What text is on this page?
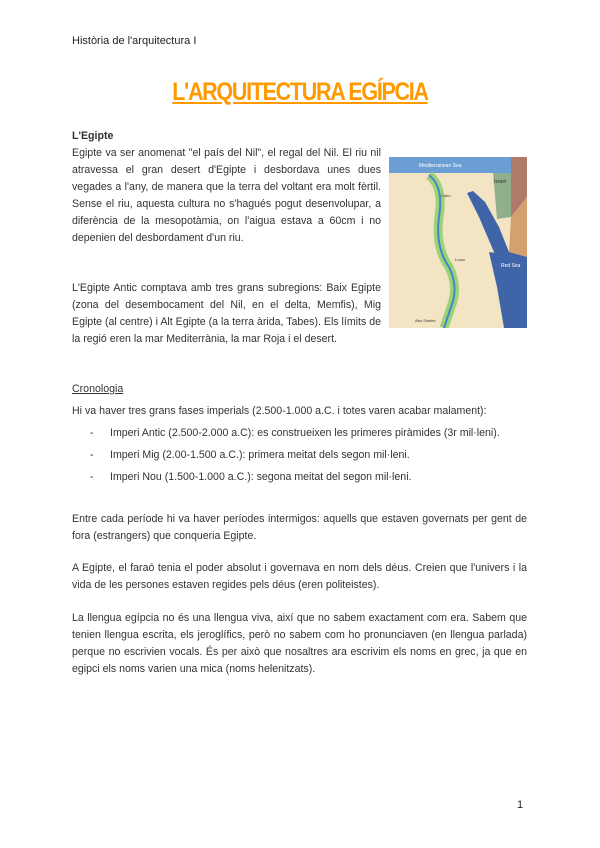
Història de l'arquitectura I
L'ARQUITECTURA EGÍPCIA
L'Egipte
Egipte va ser anomenat "el país del Nil", el regal del Nil. El riu nil atravessa el gran desert d'Egipte i desbordava unes dues vegades a l'any, de manera que la terra del voltant era molt fèrtil. Sense el riu, aquesta cultura no s'hagués pogut desenvolupar, a diferència de la mesopotàmia, on l'aigua estava a 60cm i no depenien del desbordament d'un riu.
L'Egipte Antic comptava amb tres grans subregions: Baix Egipte (zona del desembocament del Nil, en el delta, Memfis), Mig Egipte (al centre) i Alt Egipte (a la terra àrida, Tabes). Els límits de la regió eren la mar Mediterrània, la mar Roja i el desert.
Mediterranean Sea
Israel
Red Sea
Cairo
Luxor
Abu Simbel
Cronologia
Hi va haver tres grans fases imperials (2.500-1.000 a.C. i totes varen acabar malament):
- Imperi Antic (2.500-2.000 a.C): es construeixen les primeres piràmides (3r mil·leni).
- Imperi Mig (2.00-1.500 a.C.): primera meitat dels segon mil·leni.
- Imperi Nou (1.500-1.000 a.C.): segona meitat del segon mil·leni.
Entre cada període hi va haver períodes intermigos: aquells que estaven governats per gent de fora (estrangers) que conqueria Egipte.
A Egipte, el faraó tenia el poder absolut i governava en nom dels déus. Creien que l'univers i la vida de les persones estaven regides pels déus (eren politeistes).
La llengua egípcia no és una llengua viva, així que no sabem exactament com era. Sabem que tenien llengua escrita, els jeroglífics, però no sabem com ho pronunciaven (en llengua parlada) perque no escrivien vocals. És per això que nosaltres ara escrivim els noms en grec, ja que en egipci els noms varien una mica (noms helenitzats).
1
